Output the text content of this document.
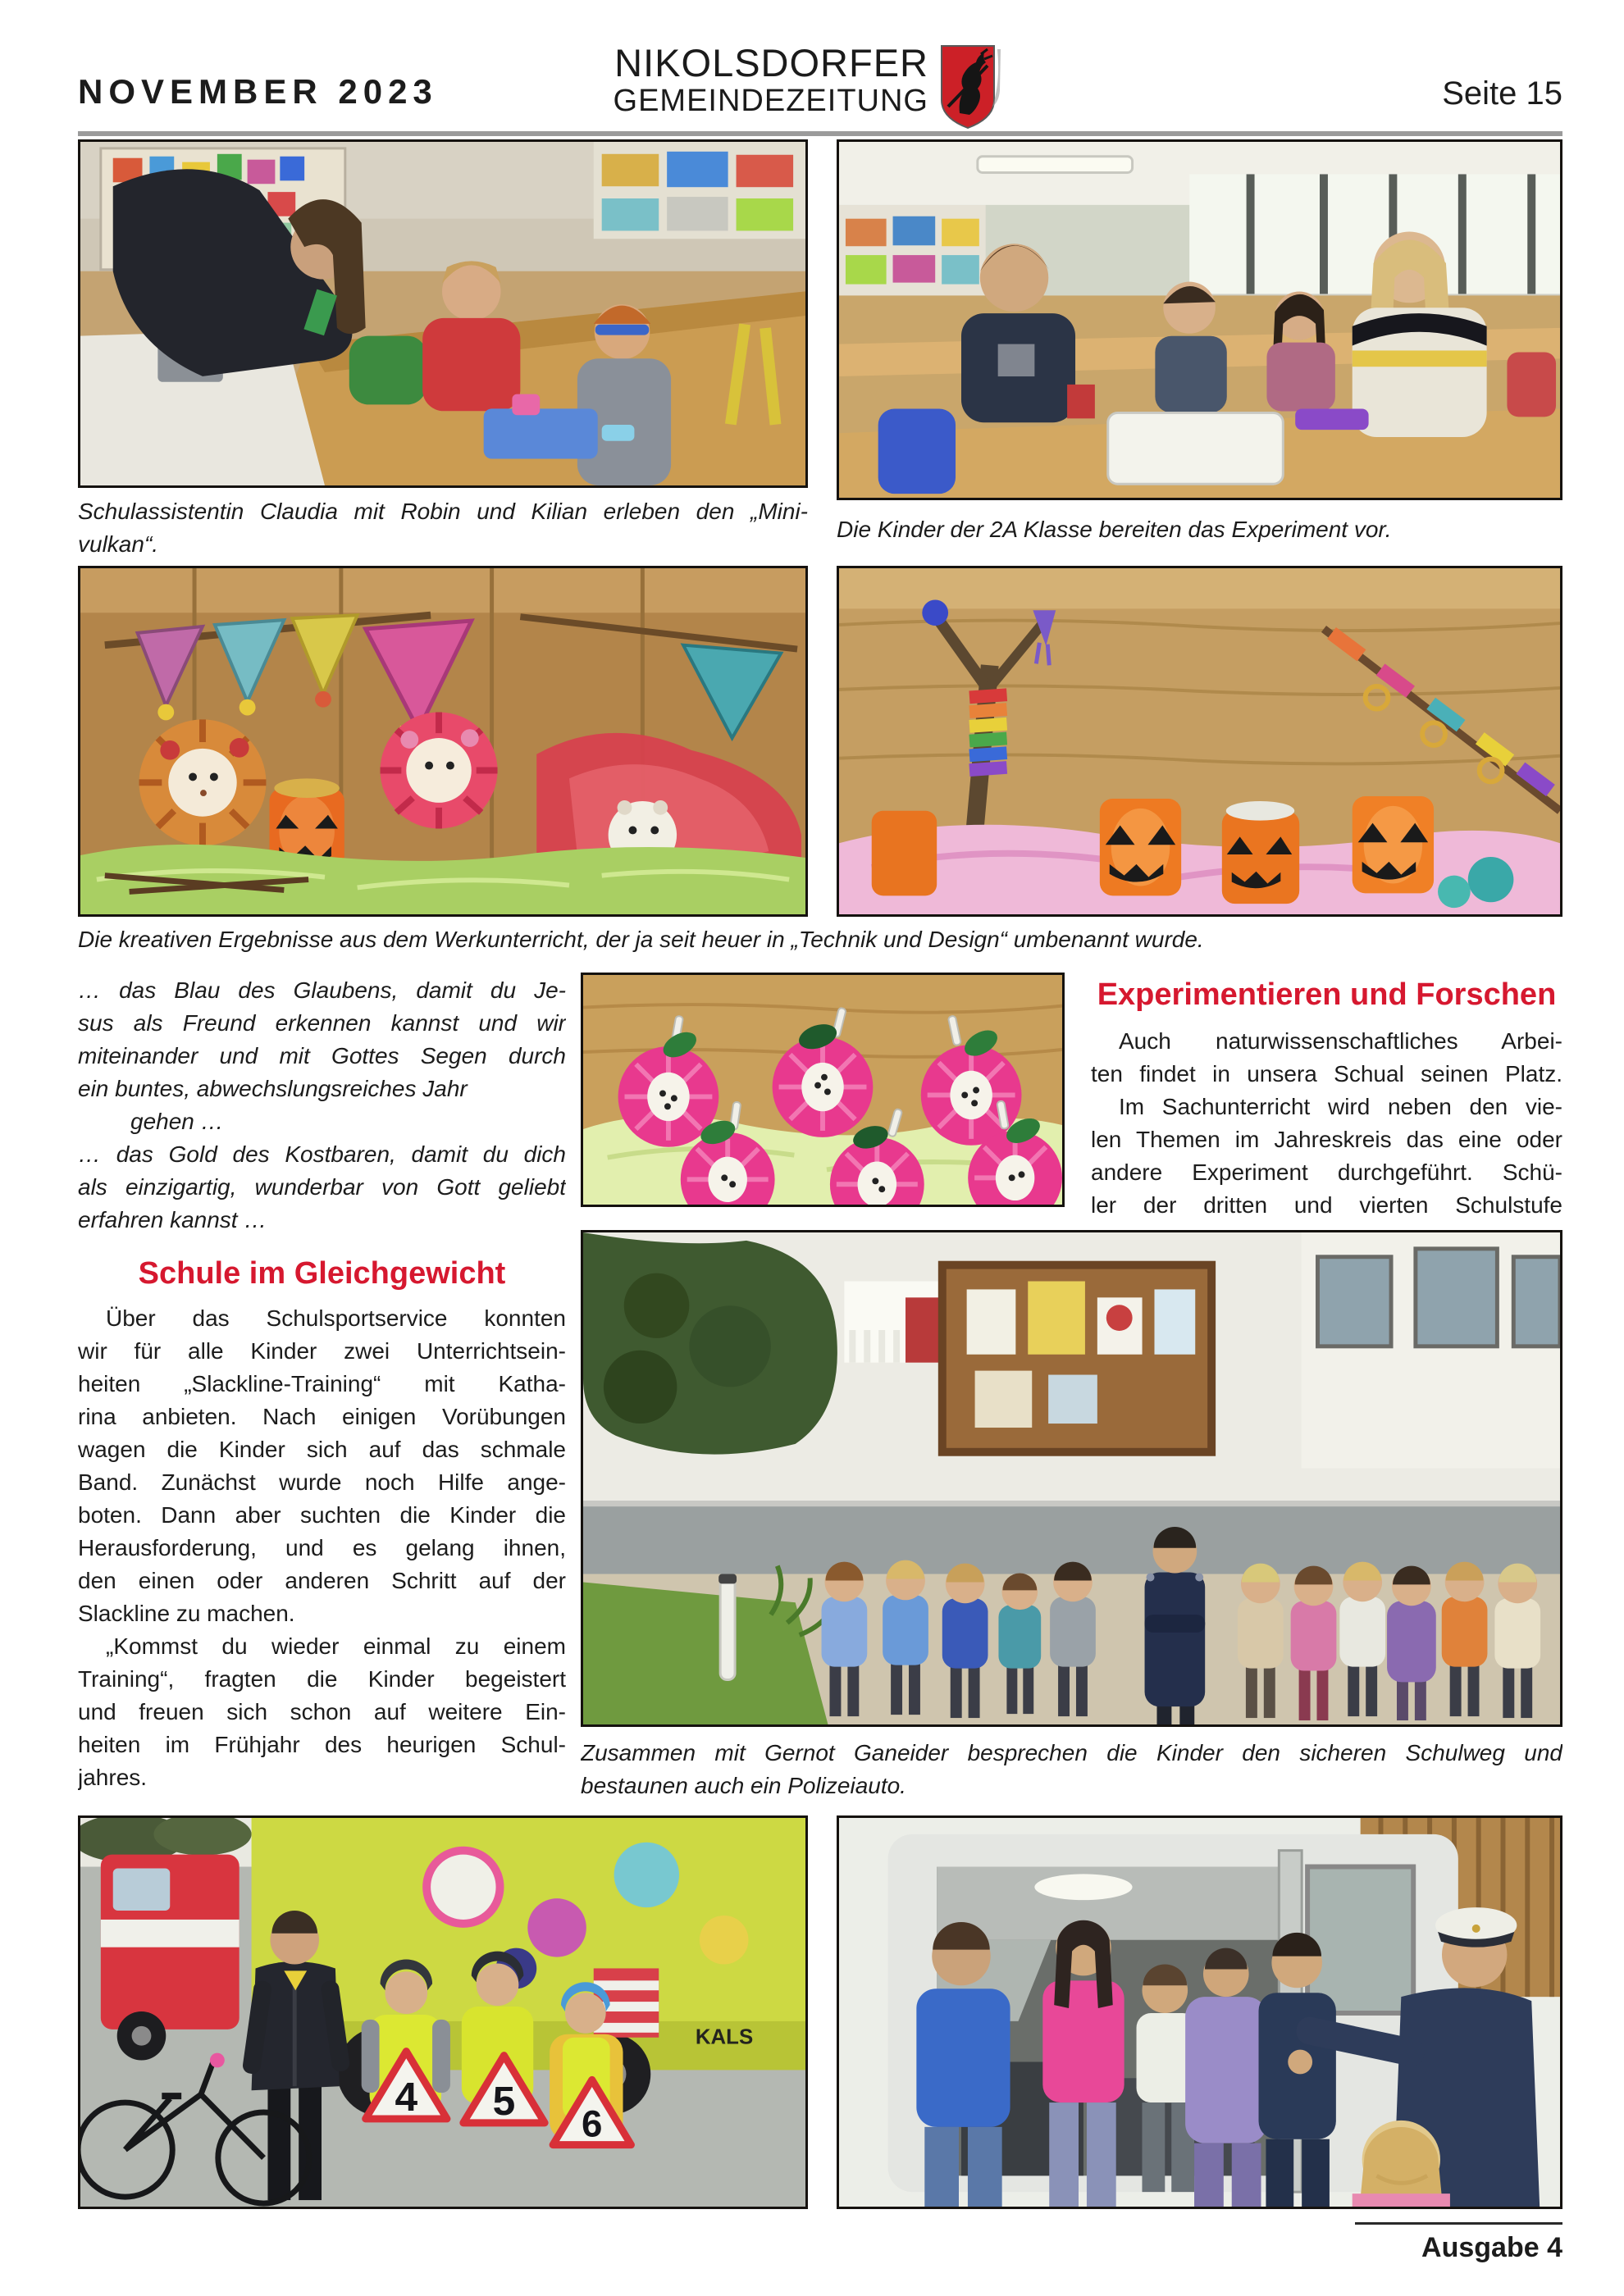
NOVEMBER 2023
NIKOLSDORFER
GEMEINDEZEITUNG	Seite 15
Schulassistentin Claudia mit Robin und Kilian erleben den „Mini-
vulkan“.
Die Kinder der 2A Klasse bereiten das Experiment vor.
Die kreativen Ergebnisse aus dem Werkunterricht, der ja seit heuer in „Technik und Design“ umbenannt wurde.
… das Blau des Glaubens, damit du Je-
sus als Freund erkennen kannst und wir
miteinander und mit Gottes Segen durch
ein buntes, abwechslungsreiches Jahr
gehen …
… das Gold des Kostbaren, damit du dich
als einzigartig, wunderbar von Gott geliebt
erfahren kannst …
Experimentieren und Forschen
Auch naturwissenschaftliches Arbei-
ten findet in unsera Schual seinen Platz.
Im Sachunterricht wird neben den vie-
len Themen im Jahreskreis das eine oder
andere Experiment durchgeführt. Schü-
ler der dritten und vierten Schulstufe
Schule im Gleichgewicht
Über das Schulsportservice konnten
wir für alle Kinder zwei Unterrichtsein-
heiten „Slackline-Training“ mit Katha-
rina anbieten. Nach einigen Vorübungen
wagen die Kinder sich auf das schmale
Band. Zunächst wurde noch Hilfe ange-
boten. Dann aber suchten die Kinder die
Herausforderung, und es gelang ihnen,
den einen oder anderen Schritt auf der
Slackline zu machen.
„Kommst du wieder einmal zu einem
Training“, fragten die Kinder begeistert
und freuen sich schon auf weitere Ein-
heiten im Frühjahr des heurigen Schul-
jahres.
Zusammen mit Gernot Ganeider besprechen die Kinder den sicheren Schulweg und
bestaunen auch ein Polizeiauto.
KALS
4 5
6
Ausgabe 4
